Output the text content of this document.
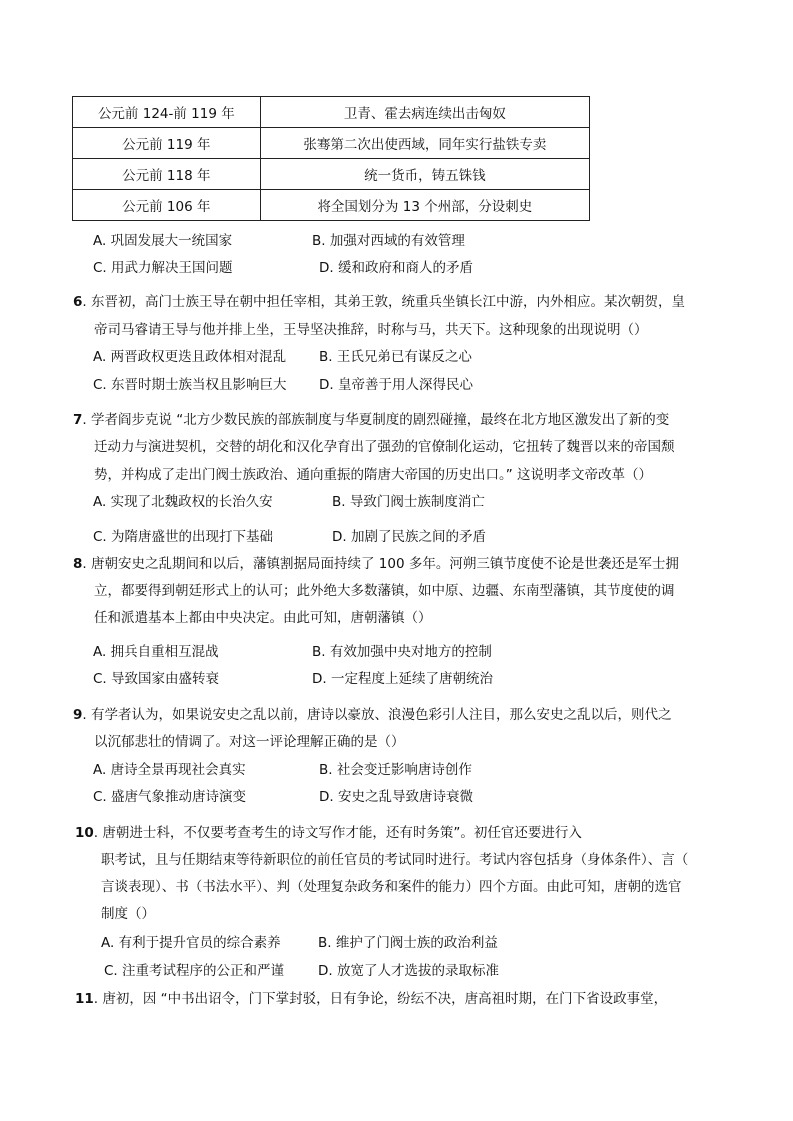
公元前 124-前 119 年	卫青、霍去病连续出击匈奴
公元前 119 年	张骞第二次出使西域，同年实行盐铁专卖
公元前 118 年	统一货币，铸五铢钱
公元前 106 年	将全国划分为 13 个州部，分设刺史
A. 巩固发展大一统国家	B. 加强对西域的有效管理
C. 用武力解决王国问题	D. 缓和政府和商人的矛盾
6. 东晋初，高门士族王导在朝中担任宰相，其弟王敦，统重兵坐镇长江中游，内外相应。某次朝贺，皇
帝司马睿请王导与他并排上坐，王导坚决推辞，时称与马，共天下。这种现象的出现说明（）
A. 两晋政权更迭且政体相对混乱 B. 王氏兄弟已有谋反之心
C. 东晋时期士族当权且影响巨大 D. 皇帝善于用人深得民心
7. 学者阎步克说 “北方少数民族的部族制度与华夏制度的剧烈碰撞，最终在北方地区激发出了新的变
迁动力与演进契机，交替的胡化和汉化孕育出了强劲的官僚制化运动，它扭转了魏晋以来的帝国颓
势，并构成了走出门阀士族政治、通向重振的隋唐大帝国的历史出口。” 这说明孝文帝改革（）
A. 实现了北魏政权的长治久安	B. 导致门阀士族制度消亡
C. 为隋唐盛世的出现打下基础	D. 加剧了民族之间的矛盾
8. 唐朝安史之乱期间和以后，藩镇割据局面持续了 100 多年。河朔三镇节度使不论是世袭还是军士拥
立，都要得到朝廷形式上的认可；此外绝大多数藩镇，如中原、边疆、东南型藩镇，其节度使的调
任和派遣基本上都由中央决定。由此可知，唐朝藩镇（）
A. 拥兵自重相互混战	B. 有效加强中央对地方的控制
C. 导致国家由盛转衰	D. 一定程度上延续了唐朝统治
9. 有学者认为，如果说安史之乱以前，唐诗以豪放、浪漫色彩引人注目，那么安史之乱以后，则代之
以沉郁悲壮的情调了。对这一评论理解正确的是（）
A. 唐诗全景再现社会真实	B. 社会变迁影响唐诗创作
C. 盛唐气象推动唐诗演变	D. 安史之乱导致唐诗衰微
10. 唐朝进士科，不仅要考查考生的诗文写作才能，还有时务策”。初任官还要进行入
职考试，且与任期结束等待新职位的前任官员的考试同时进行。考试内容包括身（身体条件）、言（
言谈表现）、书（书法水平）、判（处理复杂政务和案件的能力）四个方面。由此可知，唐朝的选官
制度（）
A. 有利于提升官员的综合素养	B. 维护了门阀士族的政治利益
C. 注重考试程序的公正和严谨	D. 放宽了人才选拔的录取标准
11. 唐初，因 “中书出诏令，门下掌封驳，日有争论，纷纭不决，唐高祖时期，在门下省设政事堂，
